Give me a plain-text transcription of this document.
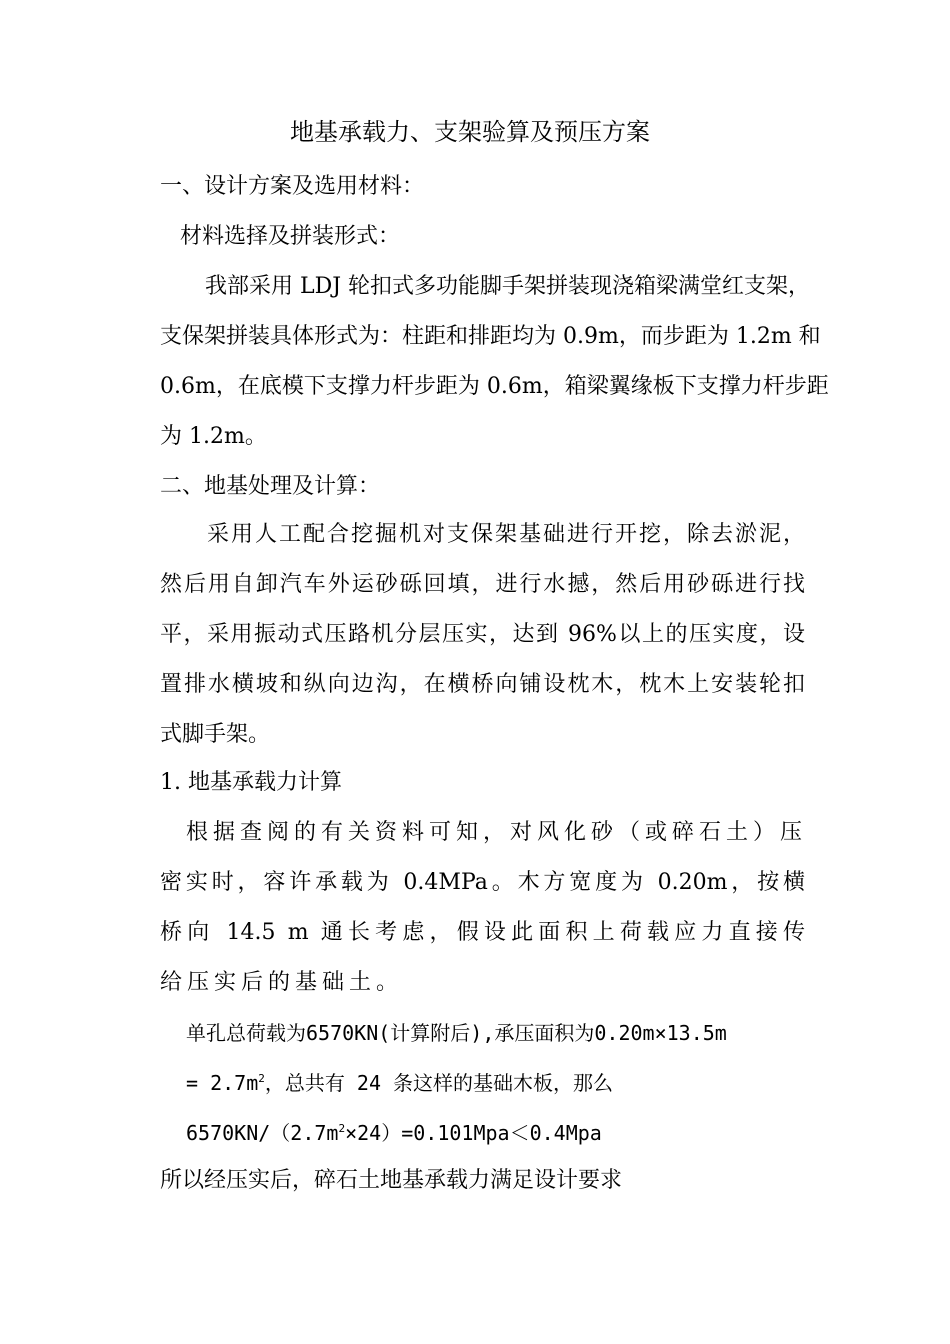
地基承载力、支架验算及预压方案
一、设计方案及选用材料：
材料选择及拼装形式：
我部采用 LDJ 轮扣式多功能脚手架拼装现浇箱梁满堂红支架，
支保架拼装具体形式为：柱距和排距均为 0.9m，而步距为 1.2m 和
0.6m，在底模下支撑力杆步距为 0.6m，箱梁翼缘板下支撑力杆步距
为 1.2m。
二、地基处理及计算：
采用人工配合挖掘机对支保架基础进行开挖，除去淤泥，
然后用自卸汽车外运砂砾回填，进行水撼，然后用砂砾进行找
平，采用振动式压路机分层压实，达到 96%以上的压实度，设
置排水横坡和纵向边沟，在横桥向铺设枕木，枕木上安装轮扣
式脚手架。
1. 地基承载力计算
根据查阅的有关资料可知，对风化砂（或碎石土）压
密实时，容许承载为 0.4MPa。木方宽度为 0.20m，按横
桥向 14.5 m 通长考虑，假设此面积上荷载应力直接传
给压实后的基础土。
单孔总荷载为6570KN(计算附后),承压面积为0.20m×13.5m
= $2.7m^2$，总共有 24 条这样的基础木板，那么
$6570KN/(2.7m^2\times 24)=0.101Mpa<0.4Mpa$
所以经压实后，碎石土地基承载力满足设计要求
